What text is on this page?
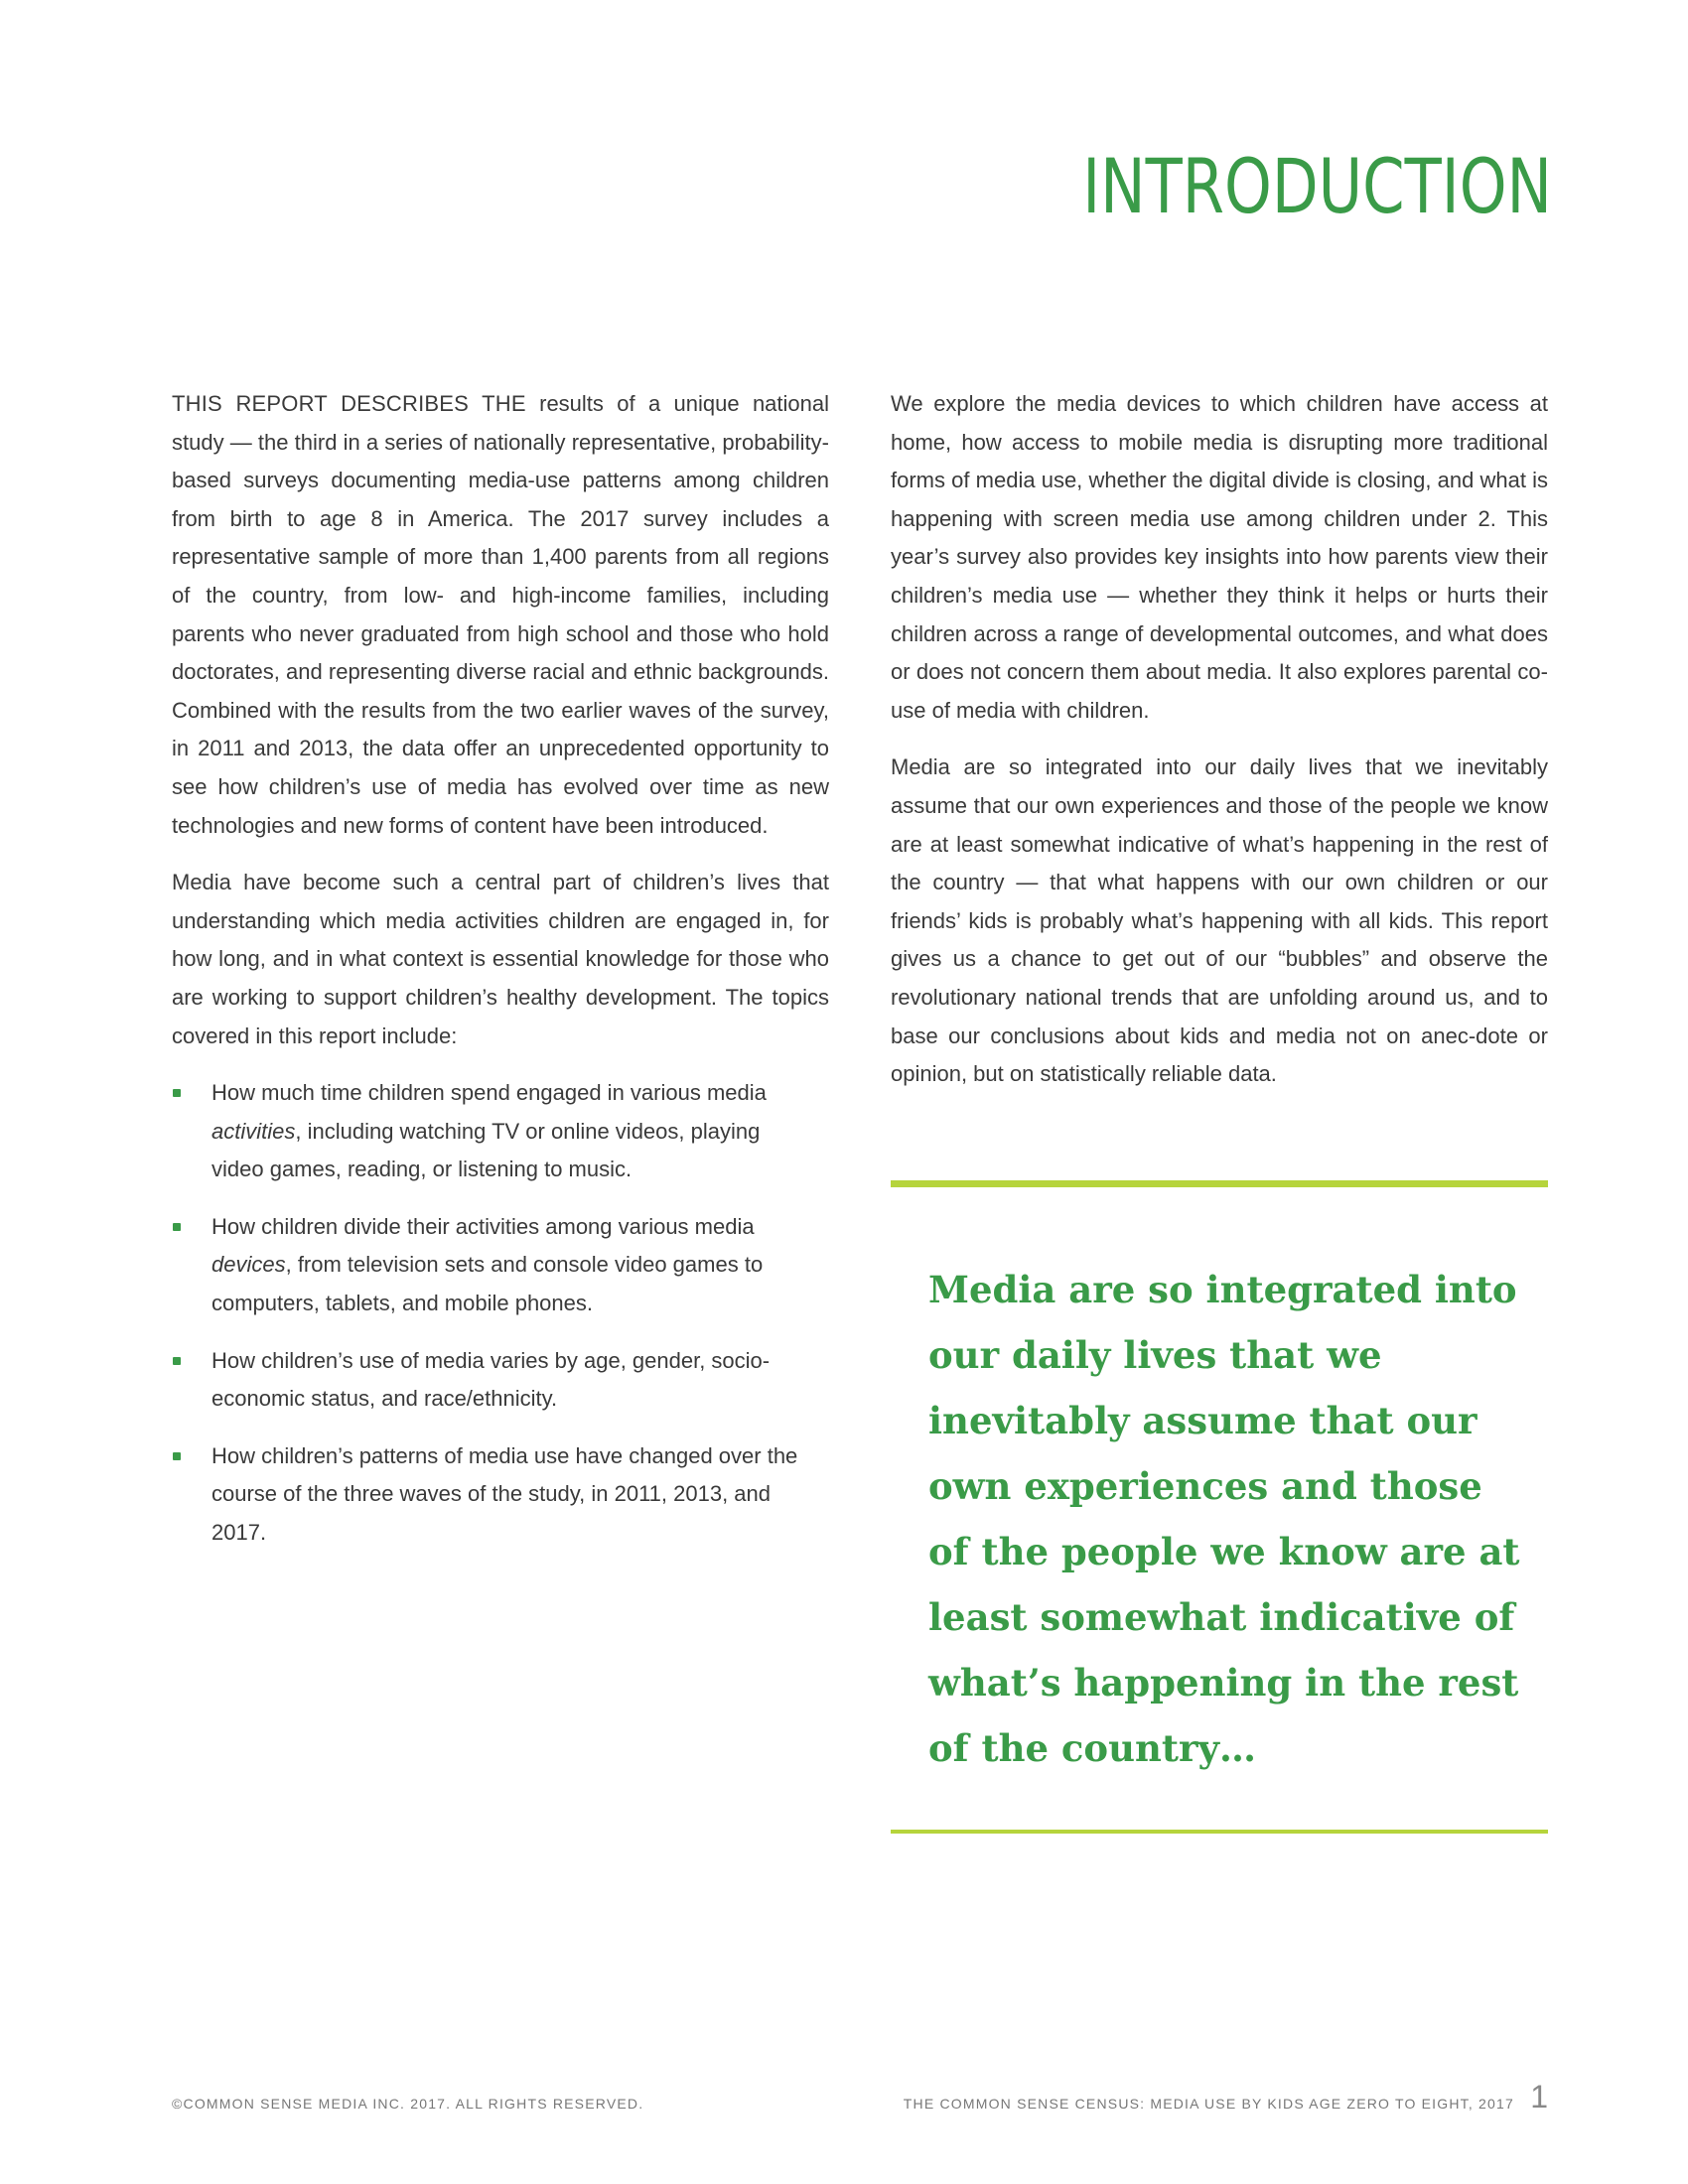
INTRODUCTION

THIS REPORT DESCRIBES THE results of a unique national study — the third in a series of nationally representative, probability-based surveys documenting media-use patterns among children from birth to age 8 in America. The 2017 survey includes a representative sample of more than 1,400 parents from all regions of the country, from low- and high-income families, including parents who never graduated from high school and those who hold doctorates, and representing diverse racial and ethnic backgrounds. Combined with the results from the two earlier waves of the survey, in 2011 and 2013, the data offer an unprecedented opportunity to see how children’s use of media has evolved over time as new technologies and new forms of content have been introduced.

Media have become such a central part of children’s lives that understanding which media activities children are engaged in, for how long, and in what context is essential knowledge for those who are working to support children’s healthy development. The topics covered in this report include:

How much time children spend engaged in various media activities, including watching TV or online videos, playing video games, reading, or listening to music.
How children divide their activities among various media devices, from television sets and console video games to computers, tablets, and mobile phones.
How children’s use of media varies by age, gender, socio-economic status, and race/ethnicity.
How children’s patterns of media use have changed over the course of the three waves of the study, in 2011, 2013, and 2017.

We explore the media devices to which children have access at home, how access to mobile media is disrupting more traditional forms of media use, whether the digital divide is closing, and what is happening with screen media use among children under 2. This year’s survey also provides key insights into how parents view their children’s media use — whether they think it helps or hurts their children across a range of developmental outcomes, and what does or does not concern them about media. It also explores parental co-use of media with children.

Media are so integrated into our daily lives that we inevitably assume that our own experiences and those of the people we know are at least somewhat indicative of what’s happening in the rest of the country — that what happens with our own children or our friends’ kids is probably what’s happening with all kids. This report gives us a chance to get out of our “bubbles” and observe the revolutionary national trends that are unfolding around us, and to base our conclusions about kids and media not on anec-dote or opinion, but on statistically reliable data.

Media are so integrated into our daily lives that we inevitably assume that our own experiences and those of the people we know are at least somewhat indicative of what’s happening in the rest of the country…

©COMMON SENSE MEDIA INC. 2017. ALL RIGHTS RESERVED.	THE COMMON SENSE CENSUS: MEDIA USE BY KIDS AGE ZERO TO EIGHT, 2017 1
